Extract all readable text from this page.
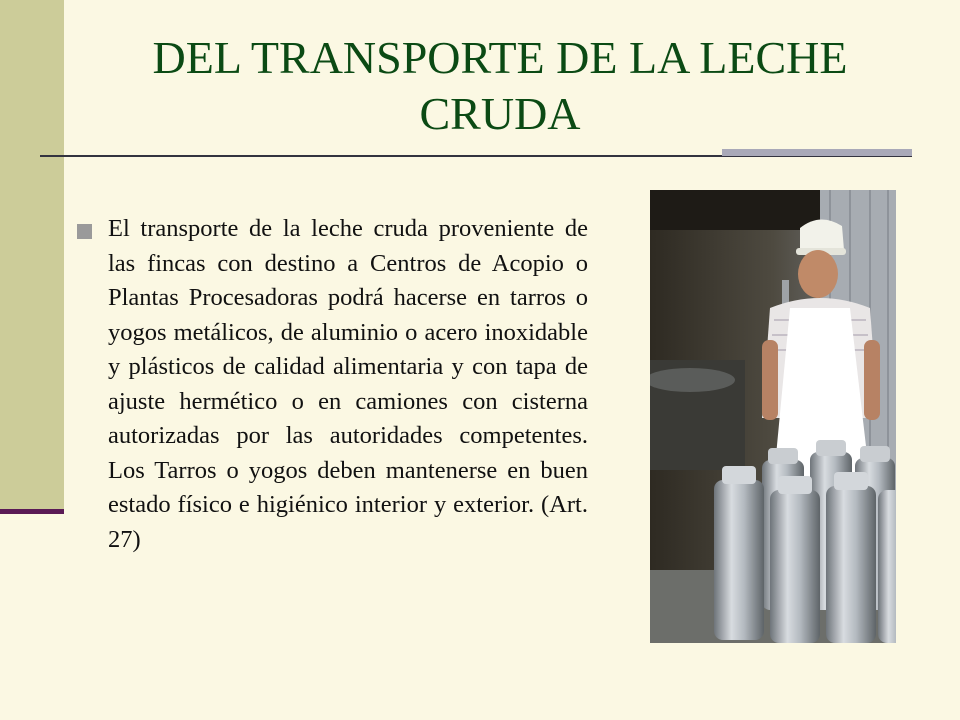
DEL TRANSPORTE DE LA LECHE CRUDA

El transporte de la leche cruda proveniente de las fincas con destino a Centros de Acopio o Plantas Procesadoras podrá hacerse en tarros o yogos metálicos, de aluminio o acero inoxidable y plásticos de calidad alimentaria y con tapa de ajuste hermético o en camiones con cisterna autorizadas por las autoridades competentes. Los Tarros o yogos deben mantenerse en buen estado físico e higiénico interior y exterior. (Art. 27)
